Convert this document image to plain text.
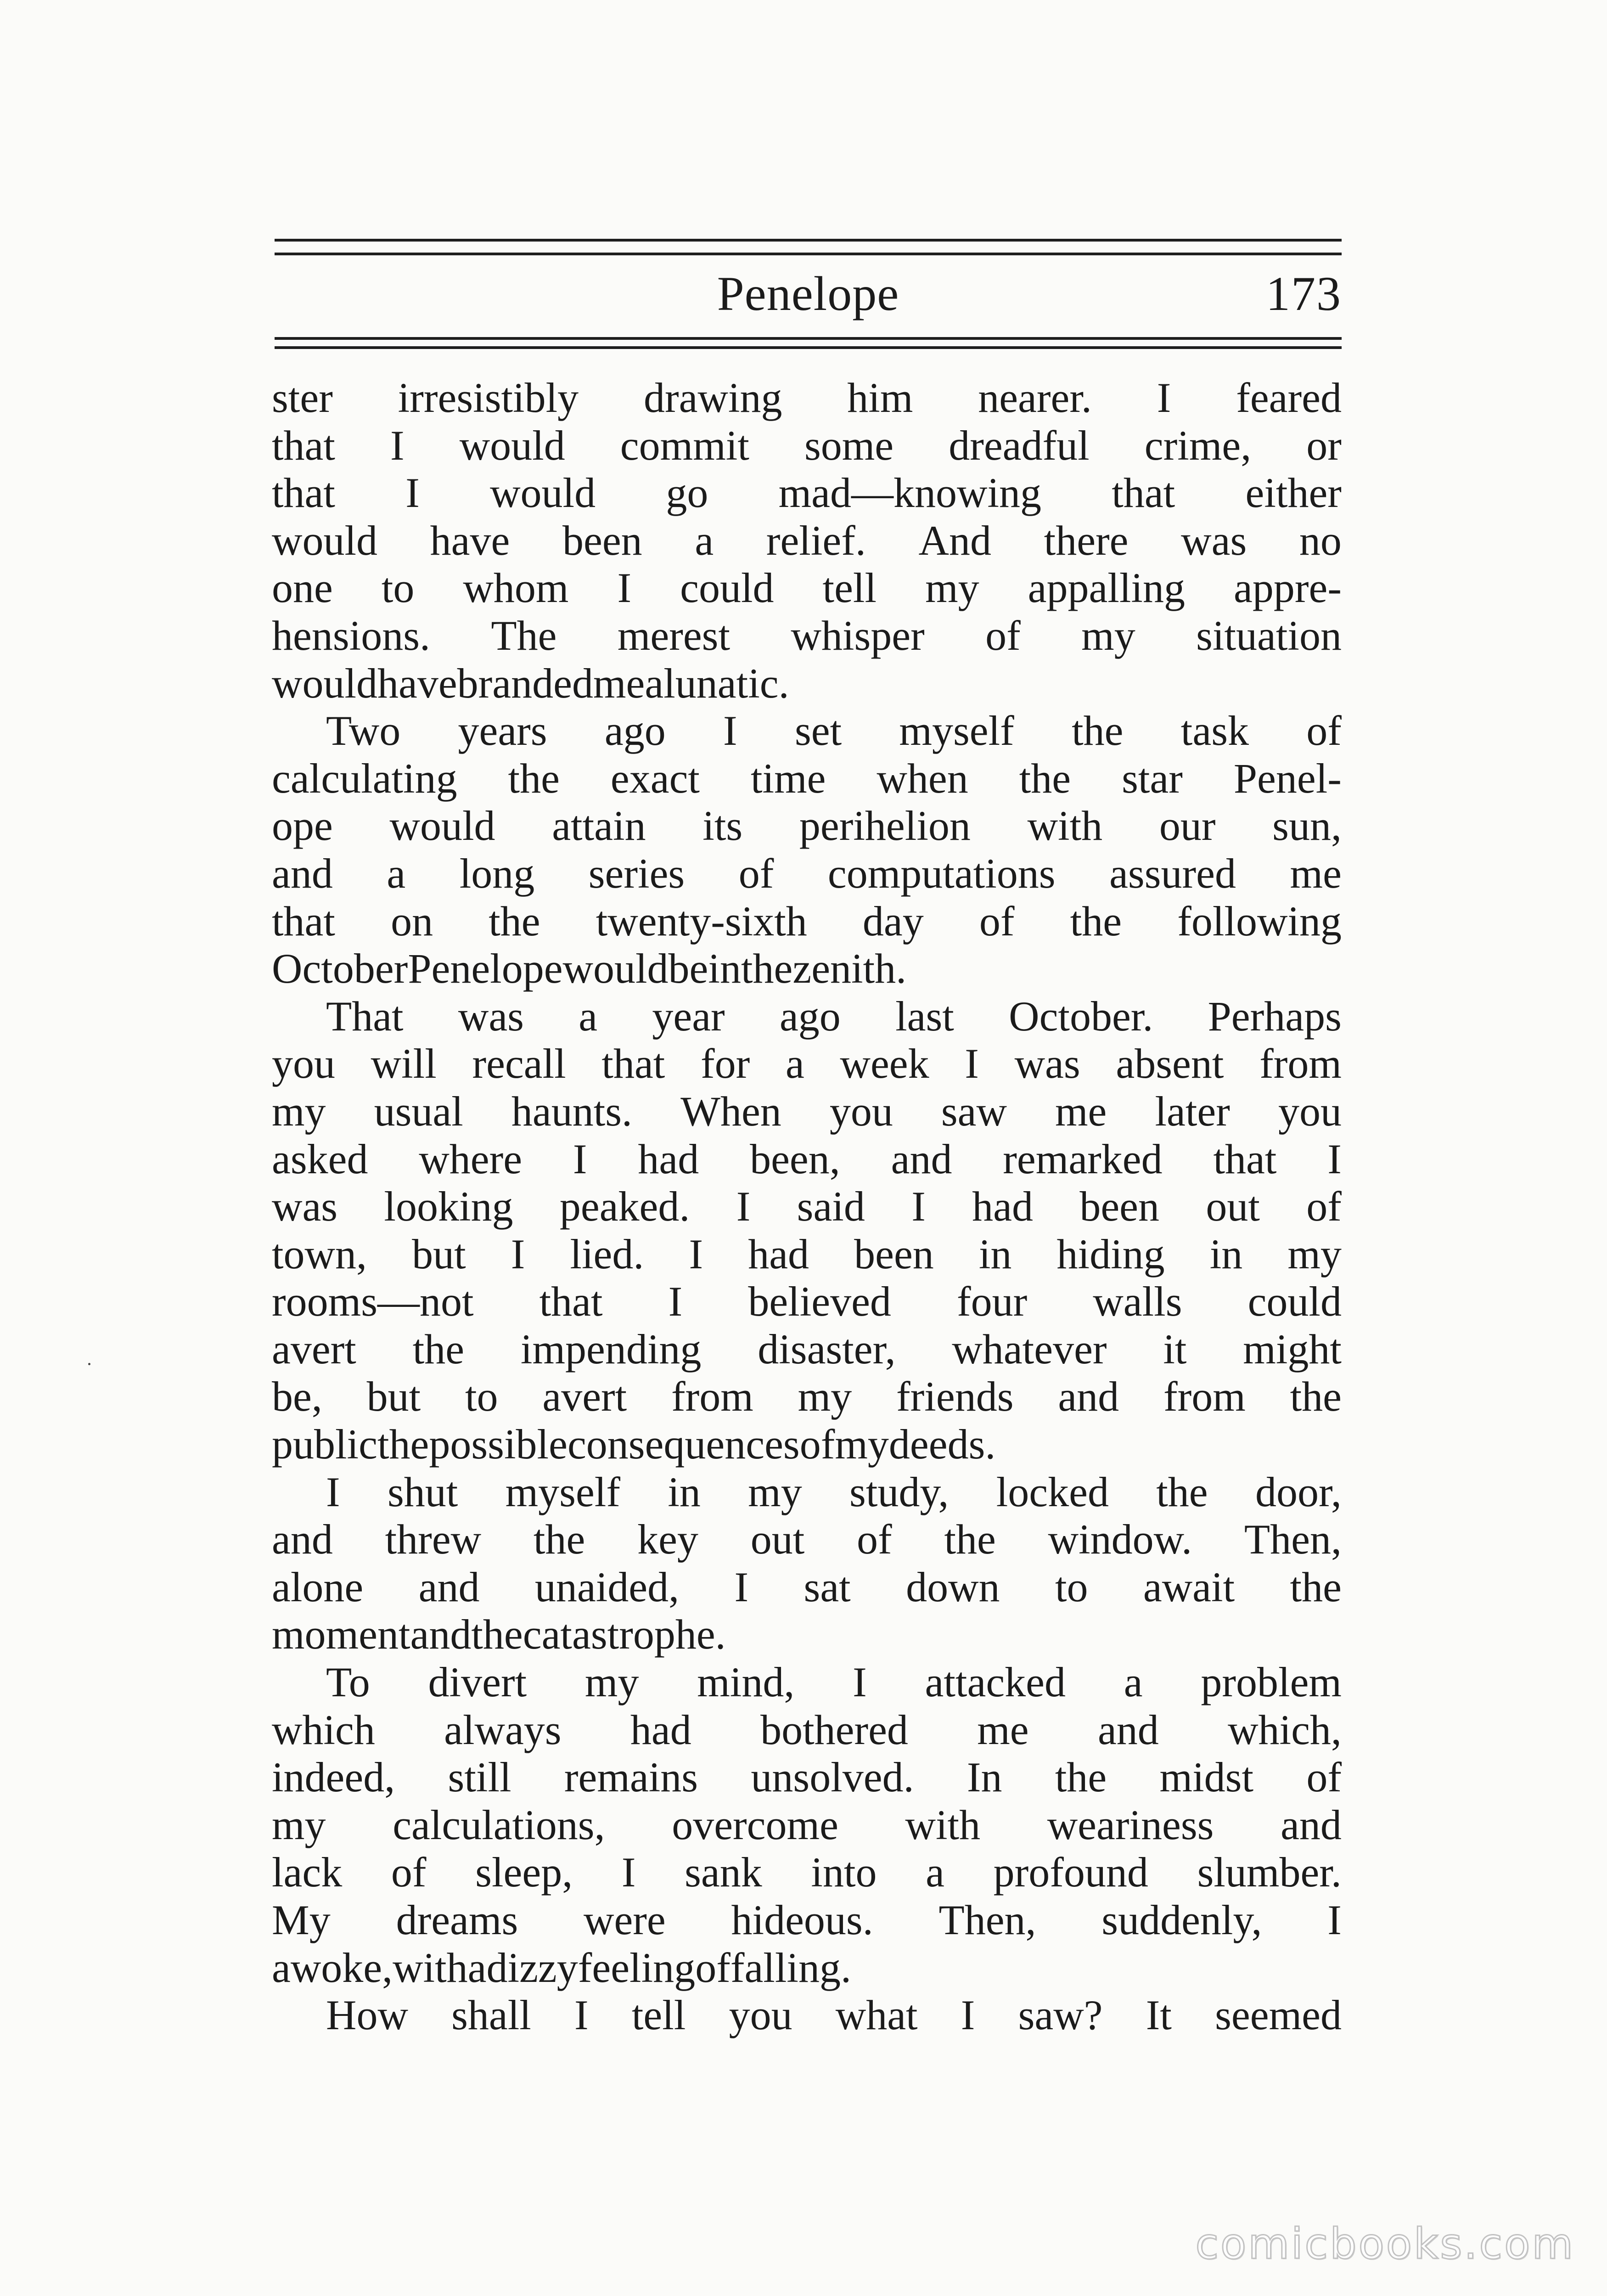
Penelope	173
ster irresistibly drawing him nearer. I feared
that I would commit some dreadful crime, or
that I would go mad—knowing that either
would have been a relief. And there was no
one to whom I could tell my appalling appre-
hensions. The merest whisper of my situation
would have branded me a lunatic.
Two years ago I set myself the task of
calculating the exact time when the star Penel-
ope would attain its perihelion with our sun,
and a long series of computations assured me
that on the twenty-sixth day of the following
October Penelope would be in the zenith.
That was a year ago last October. Perhaps
you will recall that for a week I was absent from
my usual haunts. When you saw me later you
asked where I had been, and remarked that I
was looking peaked. I said I had been out of
town, but I lied. I had been in hiding in my
rooms—not that I believed four walls could
avert the impending disaster, whatever it might
be, but to avert from my friends and from the
public the possible consequences of my deeds.
I shut myself in my study, locked the door,
and threw the key out of the window. Then,
alone and unaided, I sat down to await the
moment and the catastrophe.
To divert my mind, I attacked a problem
which always had bothered me and which,
indeed, still remains unsolved. In the midst of
my calculations, overcome with weariness and
lack of sleep, I sank into a profound slumber.
My dreams were hideous. Then, suddenly, I
awoke, with a dizzy feeling of falling.
How shall I tell you what I saw? It seemed
comicbooks.com
